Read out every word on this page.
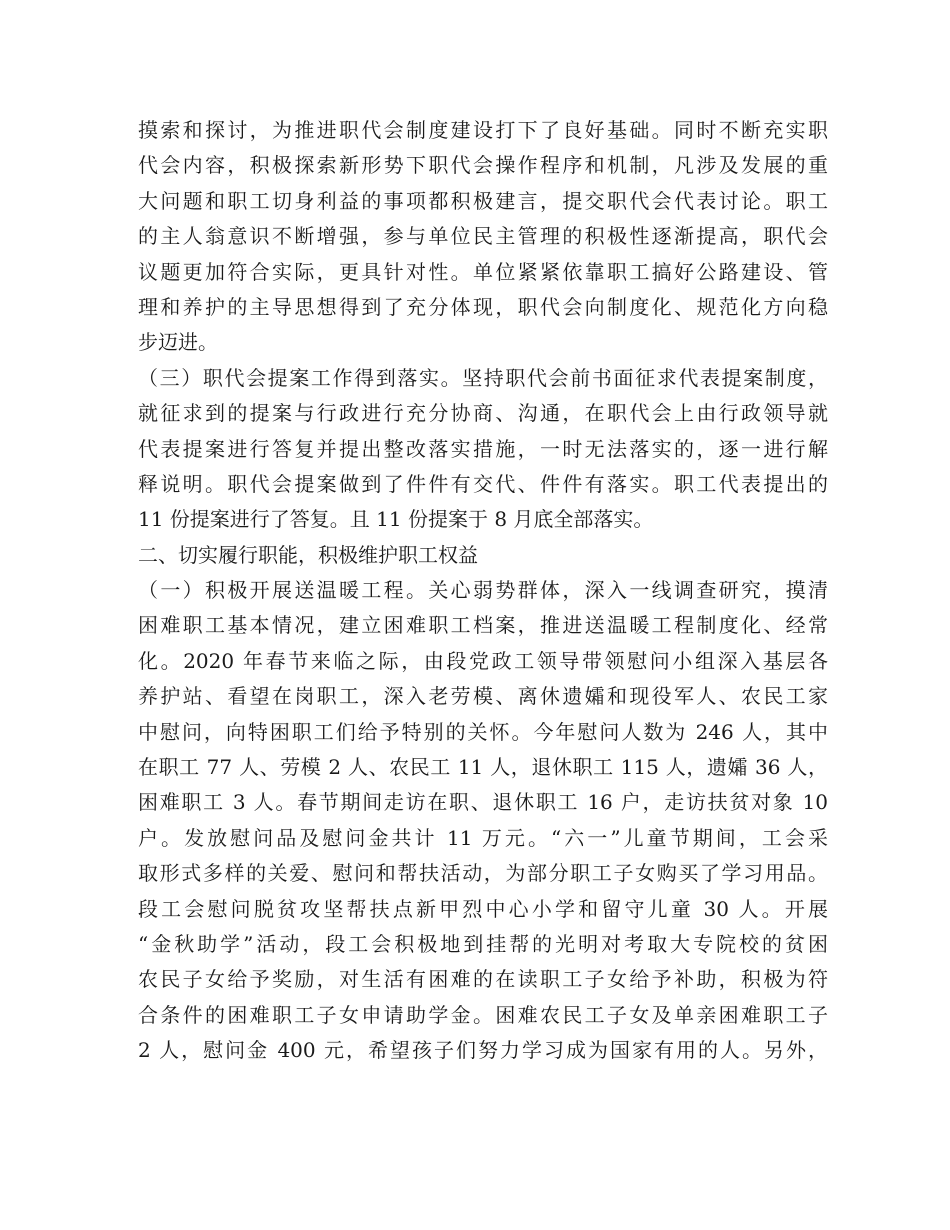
摸索和探讨，为推进职代会制度建设打下了良好基础。同时不断充实职
代会内容，积极探索新形势下职代会操作程序和机制，凡涉及发展的重
大问题和职工切身利益的事项都积极建言，提交职代会代表讨论。职工
的主人翁意识不断增强，参与单位民主管理的积极性逐渐提高，职代会
议题更加符合实际，更具针对性。单位紧紧依靠职工搞好公路建设、管
理和养护的主导思想得到了充分体现，职代会向制度化、规范化方向稳
步迈进。
（三）职代会提案工作得到落实。坚持职代会前书面征求代表提案制度，
就征求到的提案与行政进行充分协商、沟通，在职代会上由行政领导就
代表提案进行答复并提出整改落实措施，一时无法落实的，逐一进行解
释说明。职代会提案做到了件件有交代、件件有落实。职工代表提出的
11 份提案进行了答复。且 11 份提案于 8 月底全部落实。
二、切实履行职能，积极维护职工权益
（一）积极开展送温暖工程。关心弱势群体，深入一线调查研究，摸清
困难职工基本情况，建立困难职工档案，推进送温暖工程制度化、经常
化。2020 年春节来临之际，由段党政工领导带领慰问小组深入基层各
养护站、看望在岗职工，深入老劳模、离休遗孀和现役军人、农民工家
中慰问，向特困职工们给予特别的关怀。今年慰问人数为 246 人，其中
在职工 77 人、劳模 2 人、农民工 11 人，退休职工 115 人，遗孀 36 人，
困难职工 3 人。春节期间走访在职、退休职工 16 户，走访扶贫对象 10
户。发放慰问品及慰问金共计 11 万元。“六一”儿童节期间，工会采
取形式多样的关爱、慰问和帮扶活动，为部分职工子女购买了学习用品。
段工会慰问脱贫攻坚帮扶点新甲烈中心小学和留守儿童 30 人。开展
“金秋助学”活动，段工会积极地到挂帮的光明对考取大专院校的贫困
农民子女给予奖励，对生活有困难的在读职工子女给予补助，积极为符
合条件的困难职工子女申请助学金。困难农民工子女及单亲困难职工子
2 人，慰问金 400 元，希望孩子们努力学习成为国家有用的人。另外，
